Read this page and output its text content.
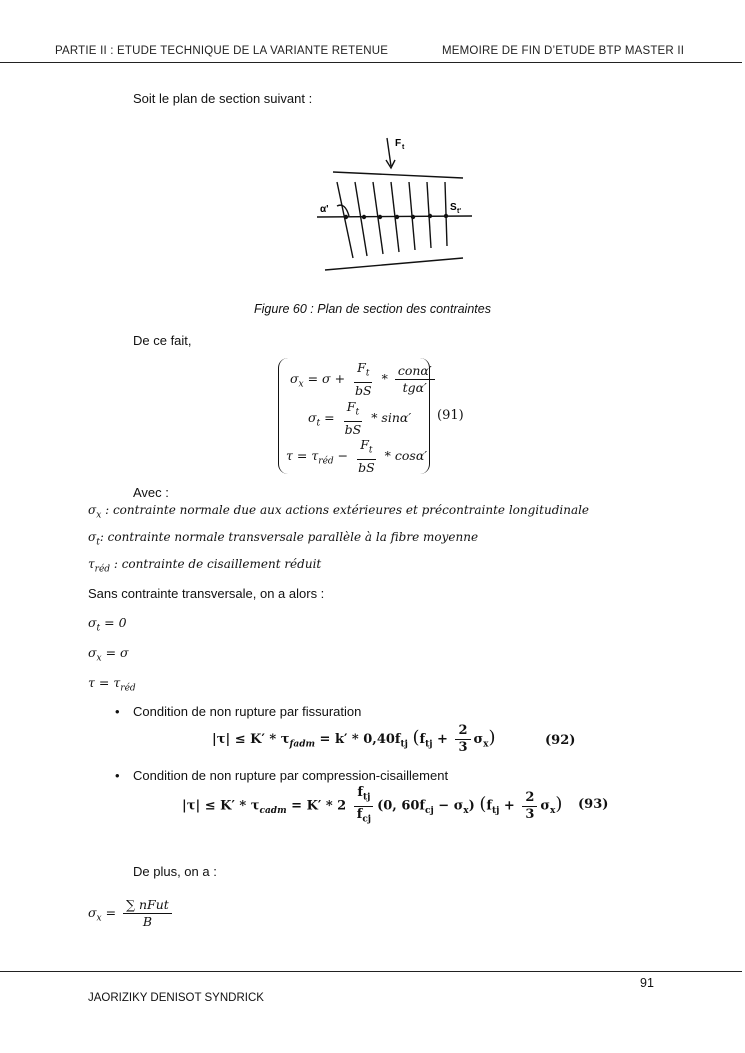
PARTIE II : ETUDE TECHNIQUE DE LA VARIANTE RETENUE	MEMOIRE DE FIN D’ETUDE BTP MASTER II
Soit le plan de section suivant :
F t
α'	S t'
Figure 60 : Plan de section des contraintes
De ce fait,
$\sigma_x = \sigma + \frac{F_t}{bS} * \frac{\text{conα′}}{\text{tgα′}}$
$\sigma_t = \frac{F_t}{bS} * \sin\alpha'$
$\tau = \tau_{réd} - \frac{F_t}{bS} * \cos\alpha'$
(91)
Avec :
$\sigma_x$ : contrainte normale due aux actions extérieures et précontrainte longitudinale
$\sigma_t$: contrainte normale transversale parallèle à la fibre moyenne
$\tau_{réd}$ : contrainte de cisaillement réduit
Sans contrainte transversale, on a alors :
$\sigma_t = 0$
$\sigma_x = \sigma$
$\tau = \tau_{réd}$
• Condition de non rupture par fissuration
$|\tau| \le K' * \tau_{fadm} = k' * 0,40f_{tj}$ $(f_{tj} + \frac{2}{3} \sigma_x)$	(92)
• Condition de non rupture par compression-cisaillement
$|\tau| \le K' * \tau_{cadm} = K' * 2 \frac{f_{tj}}{f_{cj}} (0$, $60f_{cj} - \sigma_x$) $(f_{tj} + \frac{2}{3} \sigma_x)$ (93)
De plus, on a :
$\sigma_x = \frac{\text{∑ nFut}}{B}$
91
JAORIZIKY DENISOT SYNDRICK
